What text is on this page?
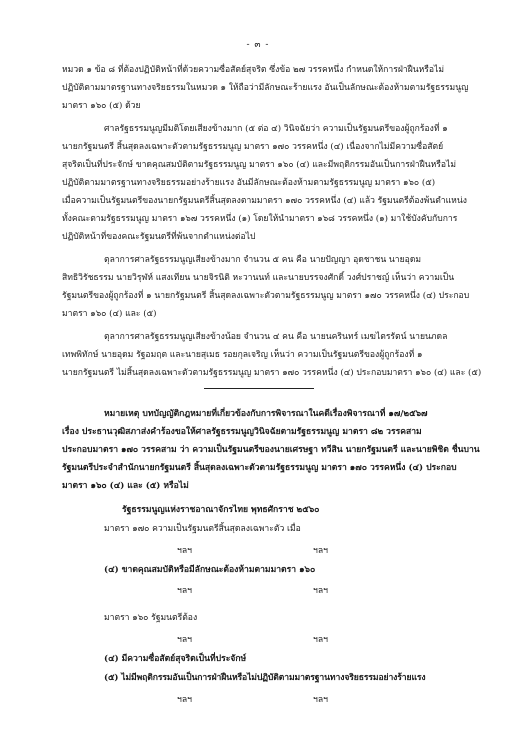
- ๓ -
หมวด ๑ ข้อ ๘ ที่ต้องปฏิบัติหน้าที่ด้วยความซื่อสัตย์สุจริต ซึ่งข้อ ๒๗ วรรคหนึ่ง กำหนดให้การฝ่าฝืนหรือไม่
ปฏิบัติตามมาตรฐานทางจริยธรรมในหมวด ๑ ให้ถือว่ามีลักษณะร้ายแรง อันเป็นลักษณะต้องห้ามตามรัฐธรรมนูญ
มาตรา ๑๖๐ (๕) ด้วย
ศาลรัฐธรรมนูญมีมติโดยเสียงข้างมาก (๕ ต่อ ๔) วินิจฉัยว่า ความเป็นรัฐมนตรีของผู้ถูกร้องที่ ๑
นายกรัฐมนตรี สิ้นสุดลงเฉพาะตัวตามรัฐธรรมนูญ มาตรา ๑๗๐ วรรคหนึ่ง (๔) เนื่องจากไม่มีความซื่อสัตย์
สุจริตเป็นที่ประจักษ์ ขาดคุณสมบัติตามรัฐธรรมนูญ มาตรา ๑๖๐ (๔) และมีพฤติกรรมอันเป็นการฝ่าฝืนหรือไม่
ปฏิบัติตามมาตรฐานทางจริยธรรมอย่างร้ายแรง อันมีลักษณะต้องห้ามตามรัฐธรรมนูญ มาตรา ๑๖๐ (๕)
เมื่อความเป็นรัฐมนตรีของนายกรัฐมนตรีสิ้นสุดลงตามมาตรา ๑๗๐ วรรคหนึ่ง (๔) แล้ว รัฐมนตรีต้องพ้นตำแหน่ง
ทั้งคณะตามรัฐธรรมนูญ มาตรา ๑๖๗ วรรคหนึ่ง (๑) โดยให้นำมาตรา ๑๖๘ วรรคหนึ่ง (๑) มาใช้บังคับกับการ
ปฏิบัติหน้าที่ของคณะรัฐมนตรีที่พ้นจากตำแหน่งต่อไป
ตุลาการศาลรัฐธรรมนูญเสียงข้างมาก จำนวน ๕ คน คือ นายปัญญา อุดชาชน นายอุดม
สิทธิวิรัชธรรม นายวิรุฬห์ แสงเทียน นายจิรนิติ หะวานนท์ และนายบรรจงศักดิ์ วงศ์ปราชญ์ เห็นว่า ความเป็น
รัฐมนตรีของผู้ถูกร้องที่ ๑ นายกรัฐมนตรี สิ้นสุดลงเฉพาะตัวตามรัฐธรรมนูญ มาตรา ๑๗๐ วรรคหนึ่ง (๔) ประกอบ
มาตรา ๑๖๐ (๔) และ (๕)
ตุลาการศาลรัฐธรรมนูญเสียงข้างน้อย จำนวน ๔ คน คือ นายนครินทร์ เมฆไตรรัตน์ นายนภดล
เทพพิทักษ์ นายอุดม รัฐอมฤต และนายสุเมธ รอยกุลเจริญ เห็นว่า ความเป็นรัฐมนตรีของผู้ถูกร้องที่ ๑
นายกรัฐมนตรี ไม่สิ้นสุดลงเฉพาะตัวตามรัฐธรรมนูญ มาตรา ๑๗๐ วรรคหนึ่ง (๔) ประกอบมาตรา ๑๖๐ (๔) และ (๕)
หมายเหตุ บทบัญญัติกฎหมายที่เกี่ยวข้องกับการพิจารณาในคดีเรื่องพิจารณาที่ ๑๗/๒๕๖๗
เรื่อง ประธานวุฒิสภาส่งคำร้องขอให้ศาลรัฐธรรมนูญวินิจฉัยตามรัฐธรรมนูญ มาตรา ๘๒ วรรคสาม
ประกอบมาตรา ๑๗๐ วรรคสาม ว่า ความเป็นรัฐมนตรีของนายเศรษฐา ทวีสิน นายกรัฐมนตรี และนายพิชิต ชื่นบาน
รัฐมนตรีประจำสำนักนายกรัฐมนตรี สิ้นสุดลงเฉพาะตัวตามรัฐธรรมนูญ มาตรา ๑๗๐ วรรคหนึ่ง (๔) ประกอบ
มาตรา ๑๖๐ (๔) และ (๕) หรือไม่
รัฐธรรมนูญแห่งราชอาณาจักรไทย พุทธศักราช ๒๕๖๐
มาตรา ๑๗๐ ความเป็นรัฐมนตรีสิ้นสุดลงเฉพาะตัว เมื่อ
ฯลฯ	ฯลฯ
(๔) ขาดคุณสมบัติหรือมีลักษณะต้องห้ามตามมาตรา ๑๖๐
ฯลฯ	ฯลฯ
มาตรา ๑๖๐ รัฐมนตรีต้อง
ฯลฯ	ฯลฯ
(๔) มีความซื่อสัตย์สุจริตเป็นที่ประจักษ์
(๕) ไม่มีพฤติกรรมอันเป็นการฝ่าฝืนหรือไม่ปฏิบัติตามมาตรฐานทางจริยธรรมอย่างร้ายแรง
ฯลฯ	ฯลฯ
